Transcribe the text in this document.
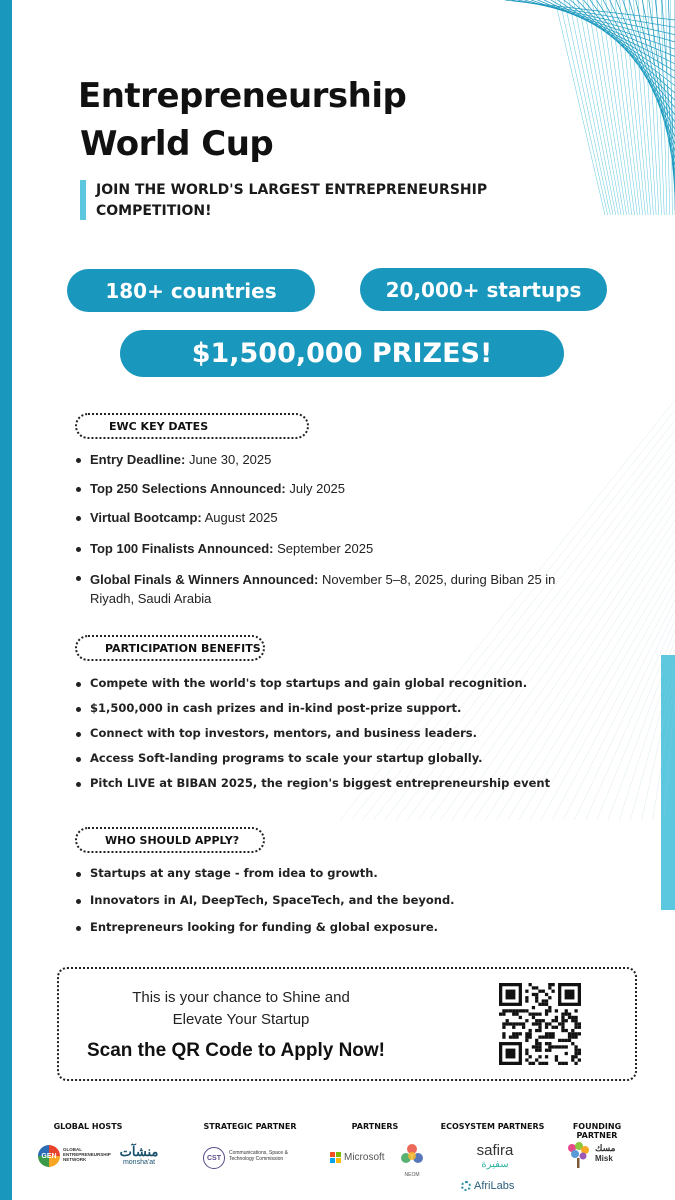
Entrepreneurship
World Cup
JOIN THE WORLD'S LARGEST ENTREPRENEURSHIP COMPETITION!
180+ countries	20,000+ startups
$1,500,000 PRIZES!
EWC KEY DATES
Entry Deadline: June 30, 2025
Top 250 Selections Announced: July 2025
Virtual Bootcamp: August 2025
Top 100 Finalists Announced: September 2025
Global Finals & Winners Announced: November 5–8, 2025, during Biban 25 in Riyadh, Saudi Arabia
PARTICIPATION BENEFITS
Compete with the world's top startups and gain global recognition.
$1,500,000 in cash prizes and in-kind post-prize support.
Connect with top investors, mentors, and business leaders.
Access Soft-landing programs to scale your startup globally.
Pitch LIVE at BIBAN 2025, the region's biggest entrepreneurship event
WHO SHOULD APPLY?
Startups at any stage - from idea to growth.
Innovators in AI, DeepTech, SpaceTech, and the beyond.
Entrepreneurs looking for funding & global exposure.
This is your chance to Shine and
Elevate Your Startup
Scan the QR Code to Apply Now!
GLOBAL HOSTS	STRATEGIC PARTNER	PARTNERS	ECOSYSTEM PARTNERS	FOUNDING PARTNER
GEN
GLOBAL ENTREPRENEURSHIP NETWORK
منشآت
monsha'at
CST
Communications, Space & Technology Commission	Microsoft
NEOM
safira
سفيرة
AfriLabs
مسك
Misk
